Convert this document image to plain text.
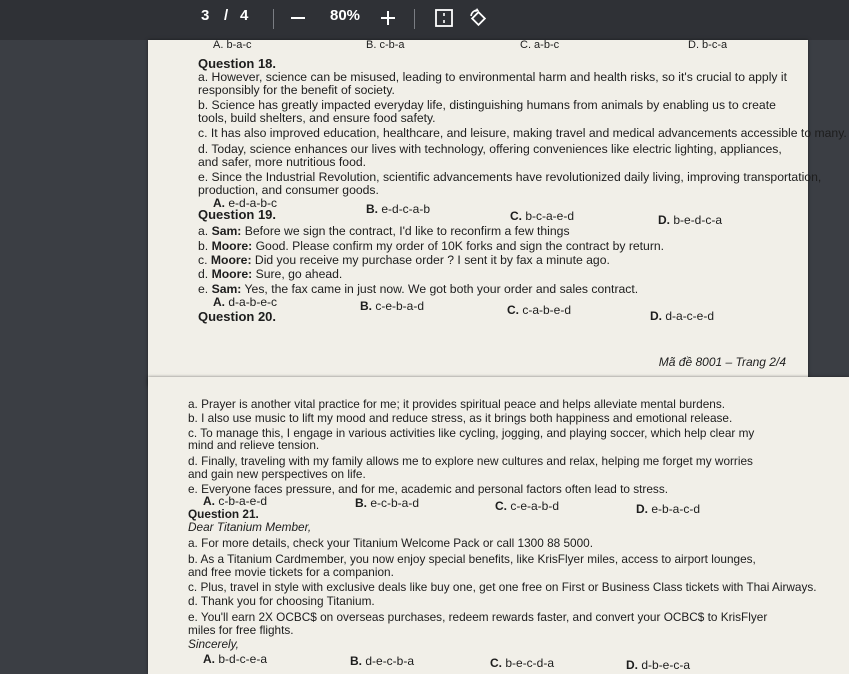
3 / 4	80%
A. b-a-c	B. c-b-a	C. a-b-c	D. b-c-a
Question 18.
a. However, science can be misused, leading to environmental harm and health risks, so it's crucial to apply it
responsibly for the benefit of society.
b. Science has greatly impacted everyday life, distinguishing humans from animals by enabling us to create
tools, build shelters, and ensure food safety.
c. It has also improved education, healthcare, and leisure, making travel and medical advancements accessible to many.
d. Today, science enhances our lives with technology, offering conveniences like electric lighting, appliances,
and safer, more nutritious food.
e. Since the Industrial Revolution, scientific advancements have revolutionized daily living, improving transportation,
production, and consumer goods.
A. e-d-a-b-c	B. e-d-c-a-b	C. b-c-a-e-d	D. b-e-d-c-a
Question 19.
a. Sam: Before we sign the contract, I'd like to reconfirm a few things
b. Moore: Good. Please confirm my order of 10K forks and sign the contract by return.
c. Moore: Did you receive my purchase order ? I sent it by fax a minute ago.
d. Moore: Sure, go ahead.
e. Sam: Yes, the fax came in just now. We got both your order and sales contract.
A. d-a-b-e-c	B. c-e-b-a-d	C. c-a-b-e-d	D. d-a-c-e-d
Question 20.
Mã đề 8001 – Trang 2/4
a. Prayer is another vital practice for me; it provides spiritual peace and helps alleviate mental burdens.
b. I also use music to lift my mood and reduce stress, as it brings both happiness and emotional release.
c. To manage this, I engage in various activities like cycling, jogging, and playing soccer, which help clear my
mind and relieve tension.
d. Finally, traveling with my family allows me to explore new cultures and relax, helping me forget my worries
and gain new perspectives on life.
e. Everyone faces pressure, and for me, academic and personal factors often lead to stress.
A. c-b-a-e-d	B. e-c-b-a-d	C. c-e-a-b-d	D. e-b-a-c-d
Question 21.
Dear Titanium Member,
a. For more details, check your Titanium Welcome Pack or call 1300 88 5000.
b. As a Titanium Cardmember, you now enjoy special benefits, like KrisFlyer miles, access to airport lounges,
and free movie tickets for a companion.
c. Plus, travel in style with exclusive deals like buy one, get one free on First or Business Class tickets with Thai Airways.
d. Thank you for choosing Titanium.
e. You'll earn 2X OCBC$ on overseas purchases, redeem rewards faster, and convert your OCBC$ to KrisFlyer
miles for free flights.
Sincerely,
A. b-d-c-e-a	B. d-e-c-b-a	C. b-e-c-d-a	D. d-b-e-c-a
